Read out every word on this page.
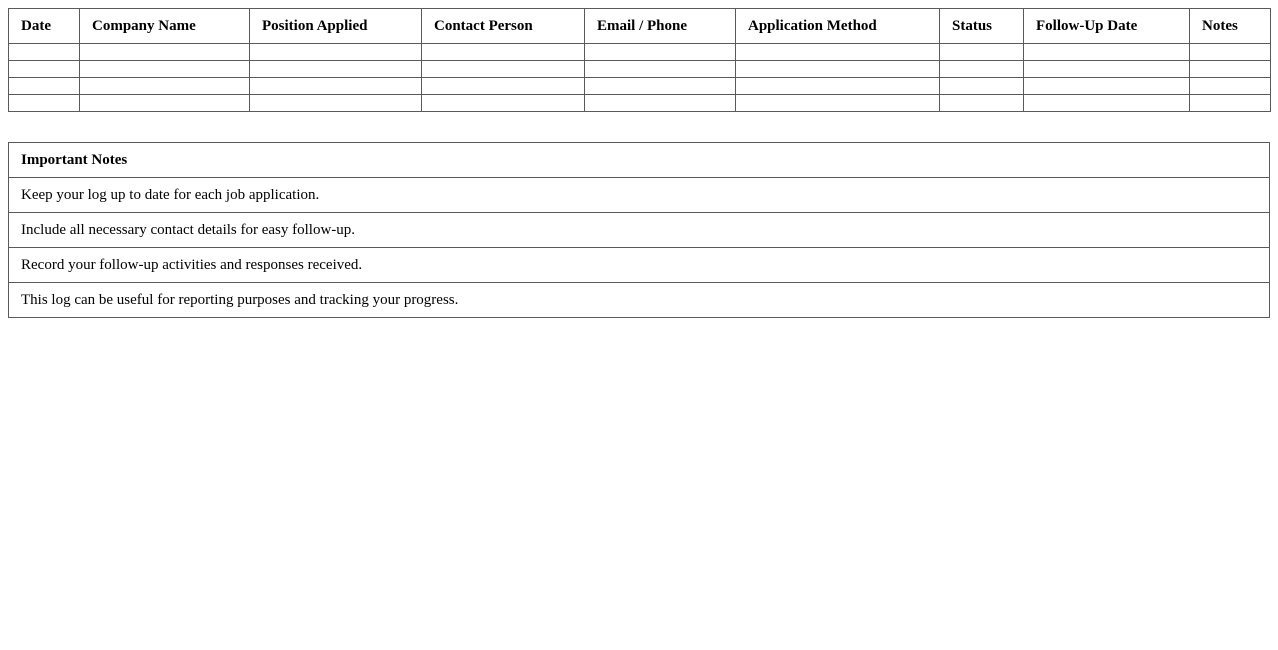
Date	Company Name	Position Applied	Contact Person	Email / Phone	Application Method	Status	Follow-Up Date	Notes

Important Notes
Keep your log up to date for each job application.
Include all necessary contact details for easy follow-up.
Record your follow-up activities and responses received.
This log can be useful for reporting purposes and tracking your progress.
